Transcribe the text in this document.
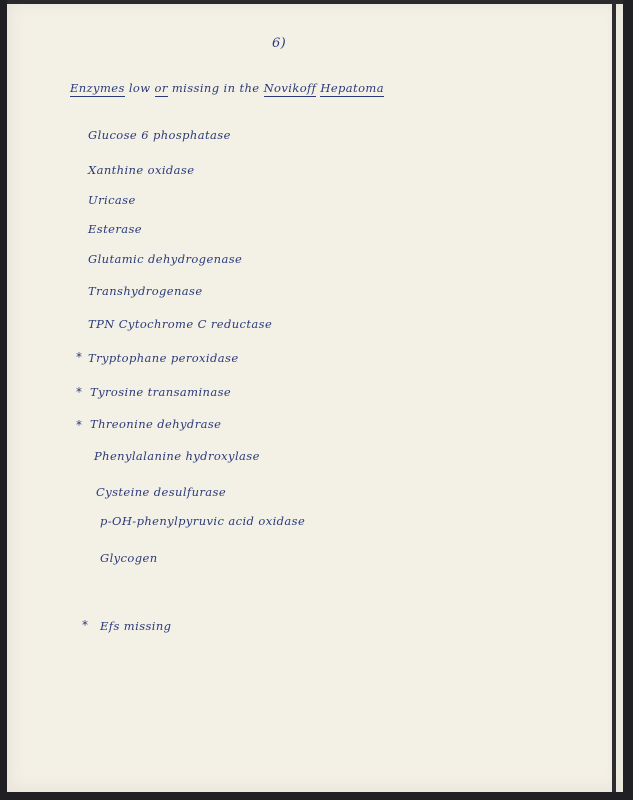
6)
Enzymes low or missing in the Novikoff Hepatoma
Glucose 6 phosphatase
Xanthine oxidase
Uricase
Esterase
Glutamic dehydrogenase
Transhydrogenase
TPN Cytochrome C reductase
* Tryptophane peroxidase
* Tyrosine transaminase
* Threonine dehydrase
Phenylalanine hydroxylase
Cysteine desulfurase
p-OH-phenylpyruvic acid oxidase
Glycogen
* Efs missing
